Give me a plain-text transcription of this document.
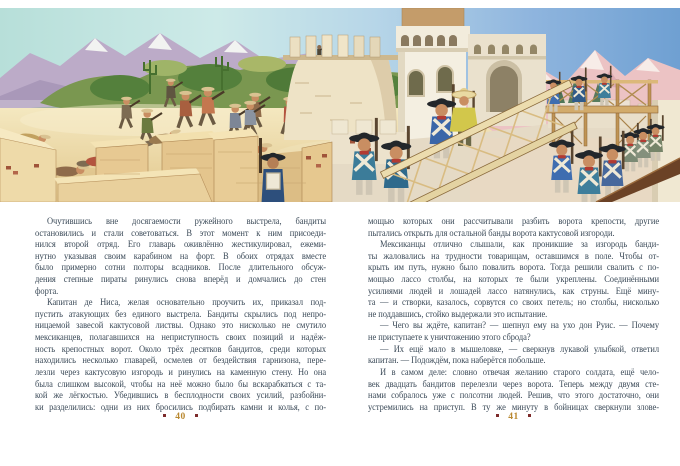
Очутившись вне досягаемости ружейного выстрела, бандиты
остановились и стали советоваться. В этот момент к ним присоеди-
нился второй отряд. Его главарь оживлённо жестикулировал, ежеми-
нутно указывая своим карабином на форт. В обоих отрядах вместе
было примерно сотни полторы всадников. После длительного обсуж-
дения степные пираты ринулись снова вперёд и домчались до стен
форта.
Капитан де Ниса, желая основательно проучить их, приказал под-
пустить атакующих без единого выстрела. Бандиты скрылись под непро-
ницаемой завесой кактусовой листвы. Однако это нисколько не смутило
мексиканцев, полагавшихся на неприступность своих позиций и надёж-
ность крепостных ворот. Около трёх десятков бандитов, среди которых
находились несколько главарей, осмелев от бездействия гарнизона, пере-
лезли через кактусовую изгородь и ринулись на каменную стену. Но она
была слишком высокой, чтобы на неё можно было бы вскарабкаться с та-
кой же лёгкостью. Убедившись в бесплодности своих усилий, разбойни-
ки разделились: одни из них бросились подбирать камни и колья, с по-
мощью которых они рассчитывали разбить ворота крепости, другие
пытались открыть для остальной банды ворота кактусовой изгороди.
Мексиканцы отлично слышали, как проникшие за изгородь банди-
ты жаловались на трудности товарищам, оставшимся в поле. Чтобы от-
крыть им путь, нужно было повалить ворота. Тогда решили свалить с по-
мощью лассо столбы, на которых те были укреплены. Соединёнными
усилиями людей и лошадей лассо натянулись, как струны. Ещё мину-
та — и створки, казалось, сорвутся со своих петель; но столбы, нисколько
не поддавшись, стойко выдержали это испытание.
— Чего вы ждёте, капитан? — шепнул ему на ухо дон Руис. — Почему
не приступаете к уничтожению этого сброда?
— Их ещё мало в мышеловке, — сверкнув лукавой улыбкой, ответил
капитан. — Подождём, пока наберётся побольше.
И в самом деле: словно отвечая желанию старого солдата, ещё чело-
век двадцать бандитов перелезли через ворота. Теперь между двумя сте-
нами собралось уже с полсотни людей. Решив, что этого достаточно, они
устремились на приступ. В ту же минуту в бойницах сверкнули злове-
40	41
